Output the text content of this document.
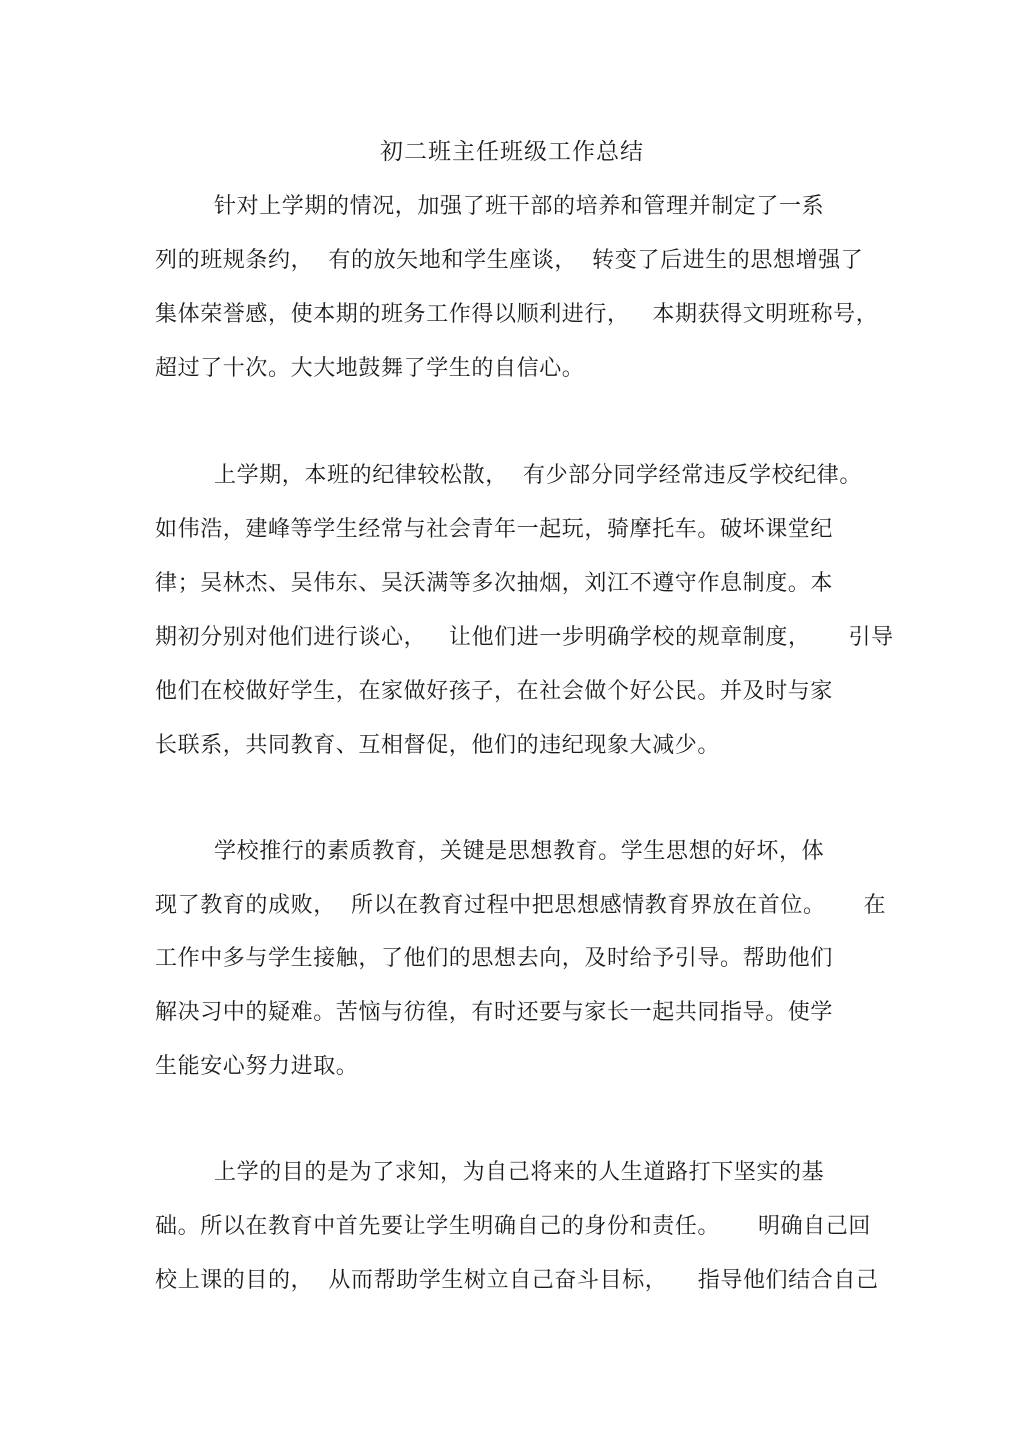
初二班主任班级工作总结
针对上学期的情况，加强了班干部的培养和管理并制定了一系
列的班规条约，  有的放矢地和学生座谈，  转变了后进生的思想增强了
集体荣誉感，使本期的班务工作得以顺利进行，   本期获得文明班称号，
超过了十次。大大地鼓舞了学生的自信心。
上学期，本班的纪律较松散，  有少部分同学经常违反学校纪律。
如伟浩，建峰等学生经常与社会青年一起玩，骑摩托车。破坏课堂纪
律；吴林杰、吴伟东、吴沃满等多次抽烟，刘江不遵守作息制度。本
期初分别对他们进行谈心，   让他们进一步明确学校的规章制度，     引导
他们在校做好学生，在家做好孩子，在社会做个好公民。并及时与家
长联系，共同教育、互相督促，他们的违纪现象大减少。
学校推行的素质教育，关键是思想教育。学生思想的好坏，体
现了教育的成败，  所以在教育过程中把思想感情教育界放在首位。     在
工作中多与学生接触，了他们的思想去向，及时给予引导。帮助他们
解决习中的疑难。苦恼与彷徨，有时还要与家长一起共同指导。使学
生能安心努力进取。
上学的目的是为了求知，为自己将来的人生道路打下坚实的基
础。所以在教育中首先要让学生明确自己的身份和责任。     明确自己回
校上课的目的，  从而帮助学生树立自己奋斗目标，    指导他们结合自己
